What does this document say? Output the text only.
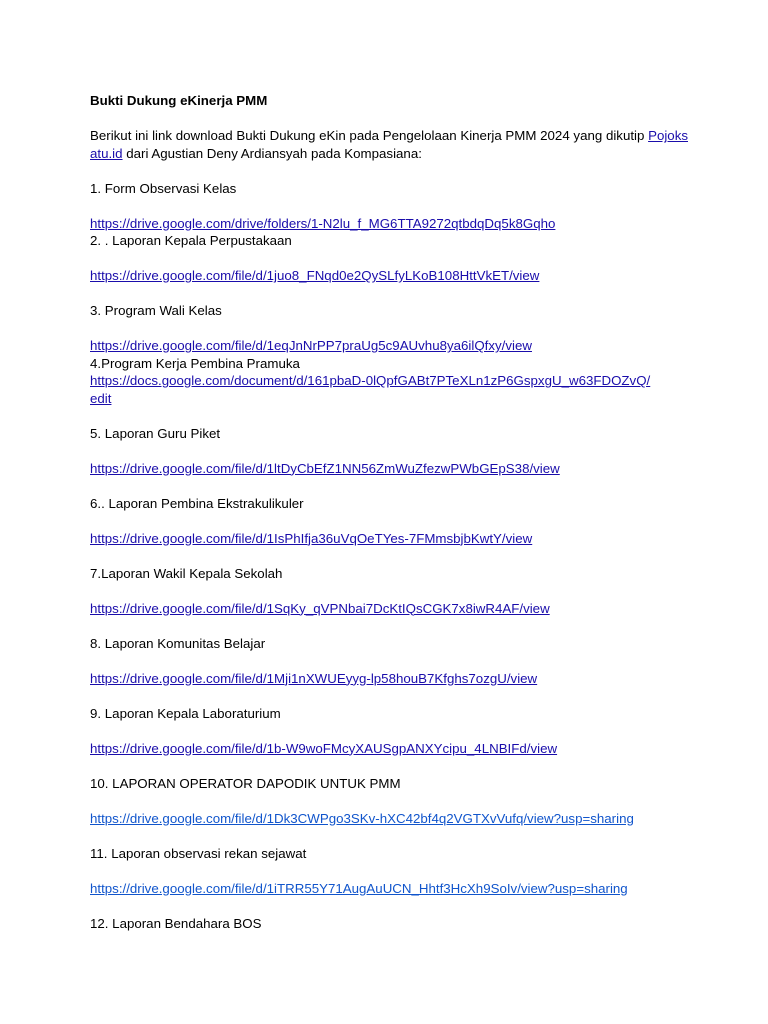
Bukti Dukung eKinerja PMM

Berikut ini link download Bukti Dukung eKin pada Pengelolaan Kinerja PMM 2024 yang dikutip Pojoksatu.id dari Agustian Deny Ardiansyah pada Kompasiana:

1. Form Observasi Kelas

https://drive.google.com/drive/folders/1-N2lu_f_MG6TTA9272qtbdqDq5k8Gqho

2. . Laporan Kepala Perpustakaan

https://drive.google.com/file/d/1juo8_FNqd0e2QySLfyLKoB108HttVkET/view

3. Program Wali Kelas

https://drive.google.com/file/d/1eqJnNrPP7praUg5c9AUvhu8ya6ilQfxy/view

4.Program Kerja Pembina Pramuka

https://docs.google.com/document/d/161pbaD-0lQpfGABt7PTeXLn1zP6GspxgU_w63FDOZvQ/
edit

5. Laporan Guru Piket

https://drive.google.com/file/d/1ltDyCbEfZ1NN56ZmWuZfezwPWbGEpS38/view

6.. Laporan Pembina Ekstrakulikuler

https://drive.google.com/file/d/1IsPhIfja36uVqOeTYes-7FMmsbjbKwtY/view

7.Laporan Wakil Kepala Sekolah

https://drive.google.com/file/d/1SqKy_qVPNbai7DcKtIQsCGK7x8iwR4AF/view

8. Laporan Komunitas Belajar

https://drive.google.com/file/d/1Mji1nXWUEyyg-lp58houB7Kfghs7ozgU/view

9. Laporan Kepala Laboraturium

https://drive.google.com/file/d/1b-W9woFMcyXAUSgpANXYcipu_4LNBIFd/view

10. LAPORAN OPERATOR DAPODIK UNTUK PMM

https://drive.google.com/file/d/1Dk3CWPgo3SKv-hXC42bf4q2VGTXvVufq/view?usp=sharing

11. Laporan observasi rekan sejawat

https://drive.google.com/file/d/1iTRR55Y71AugAuUCN_Hhtf3HcXh9SoIv/view?usp=sharing

12. Laporan Bendahara BOS
